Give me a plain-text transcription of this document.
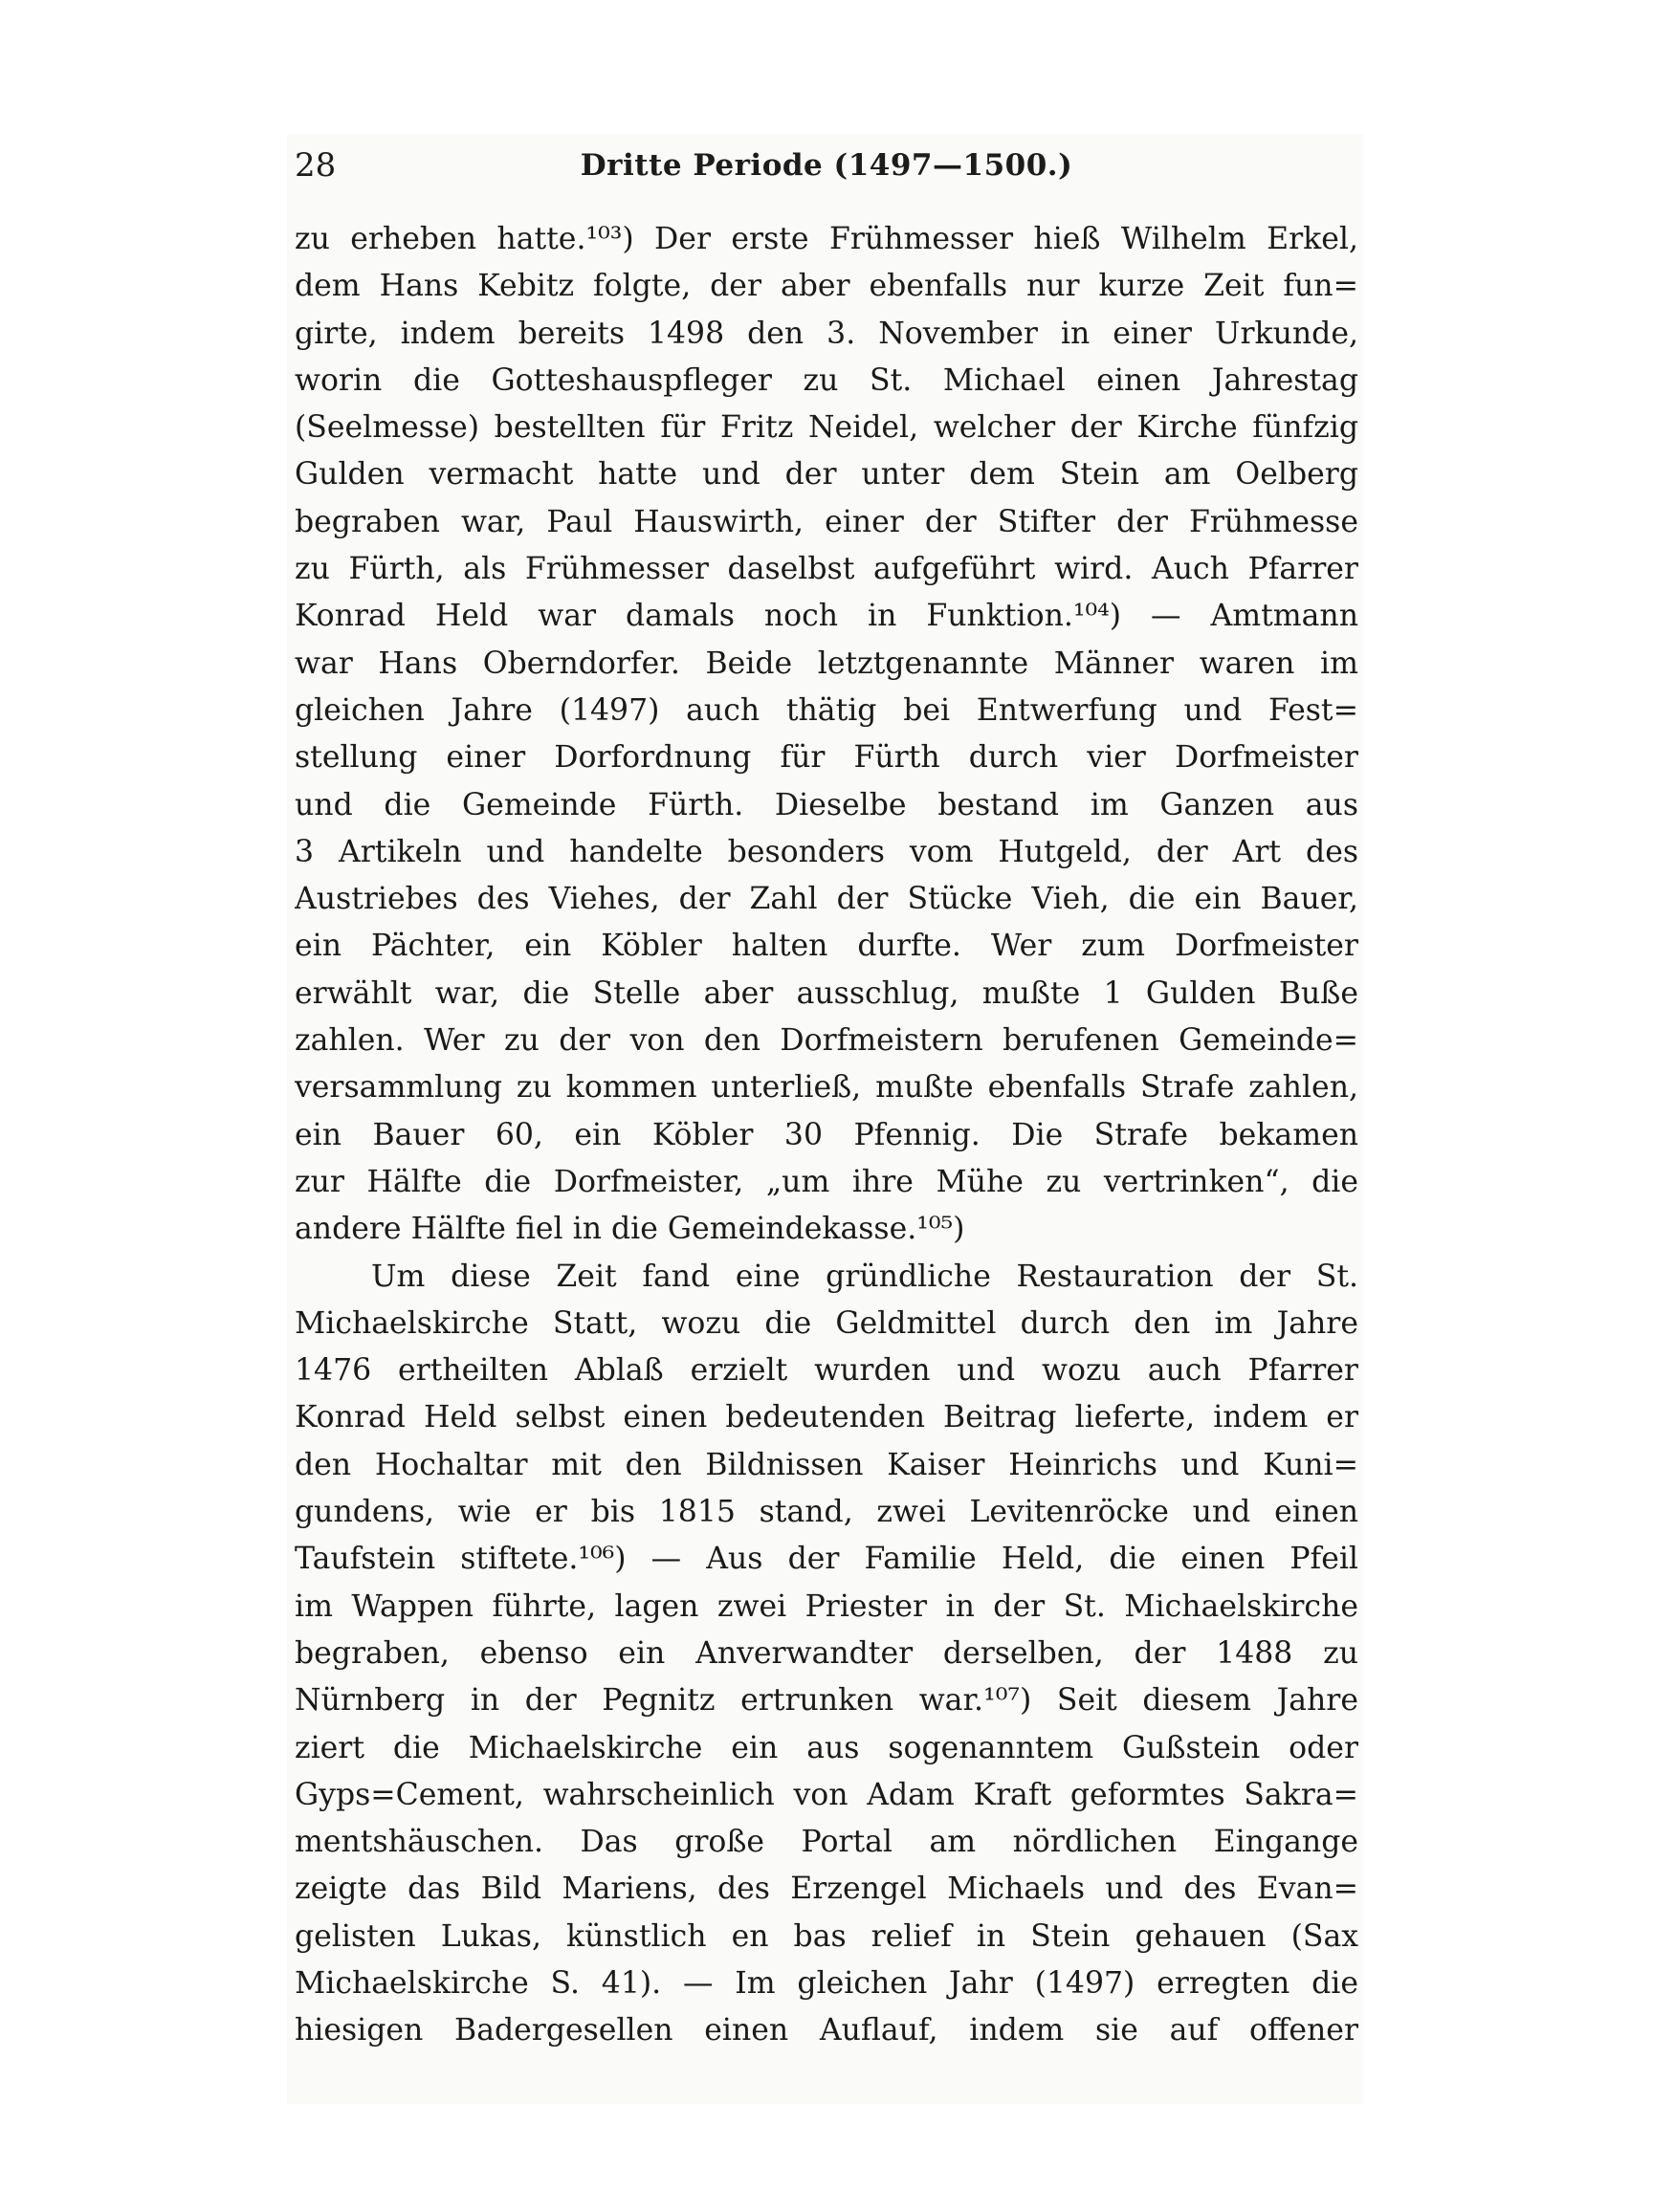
28	Dritte Periode (1497—1500.)
zu erheben hatte.¹⁰³) Der erste Frühmesser hieß Wilhelm Erkel,
dem Hans Kebitz folgte, der aber ebenfalls nur kurze Zeit fun=
girte, indem bereits 1498 den 3. November in einer Urkunde,
worin die Gotteshauspfleger zu St. Michael einen Jahrestag
(Seelmesse) bestellten für Fritz Neidel, welcher der Kirche fünfzig
Gulden vermacht hatte und der unter dem Stein am Oelberg
begraben war, Paul Hauswirth, einer der Stifter der Frühmesse
zu Fürth, als Frühmesser daselbst aufgeführt wird. Auch Pfarrer
Konrad Held war damals noch in Funktion.¹⁰⁴) — Amtmann
war Hans Oberndorfer. Beide letztgenannte Männer waren im
gleichen Jahre (1497) auch thätig bei Entwerfung und Fest=
stellung einer Dorfordnung für Fürth durch vier Dorfmeister
und die Gemeinde Fürth. Dieselbe bestand im Ganzen aus
3 Artikeln und handelte besonders vom Hutgeld, der Art des
Austriebes des Viehes, der Zahl der Stücke Vieh, die ein Bauer,
ein Pächter, ein Köbler halten durfte. Wer zum Dorfmeister
erwählt war, die Stelle aber ausschlug, mußte 1 Gulden Buße
zahlen. Wer zu der von den Dorfmeistern berufenen Gemeinde=
versammlung zu kommen unterließ, mußte ebenfalls Strafe zahlen,
ein Bauer 60, ein Köbler 30 Pfennig. Die Strafe bekamen
zur Hälfte die Dorfmeister, „um ihre Mühe zu vertrinken“, die
andere Hälfte fiel in die Gemeindekasse.¹⁰⁵)
Um diese Zeit fand eine gründliche Restauration der St.
Michaelskirche Statt, wozu die Geldmittel durch den im Jahre
1476 ertheilten Ablaß erzielt wurden und wozu auch Pfarrer
Konrad Held selbst einen bedeutenden Beitrag lieferte, indem er
den Hochaltar mit den Bildnissen Kaiser Heinrichs und Kuni=
gundens, wie er bis 1815 stand, zwei Levitenröcke und einen
Taufstein stiftete.¹⁰⁶) — Aus der Familie Held, die einen Pfeil
im Wappen führte, lagen zwei Priester in der St. Michaelskirche
begraben, ebenso ein Anverwandter derselben, der 1488 zu
Nürnberg in der Pegnitz ertrunken war.¹⁰⁷) Seit diesem Jahre
ziert die Michaelskirche ein aus sogenanntem Gußstein oder
Gyps=Cement, wahrscheinlich von Adam Kraft geformtes Sakra=
mentshäuschen. Das große Portal am nördlichen Eingange
zeigte das Bild Mariens, des Erzengel Michaels und des Evan=
gelisten Lukas, künstlich en bas relief in Stein gehauen (Sax
Michaelskirche S. 41). — Im gleichen Jahr (1497) erregten die
hiesigen Badergesellen einen Auflauf, indem sie auf offener
